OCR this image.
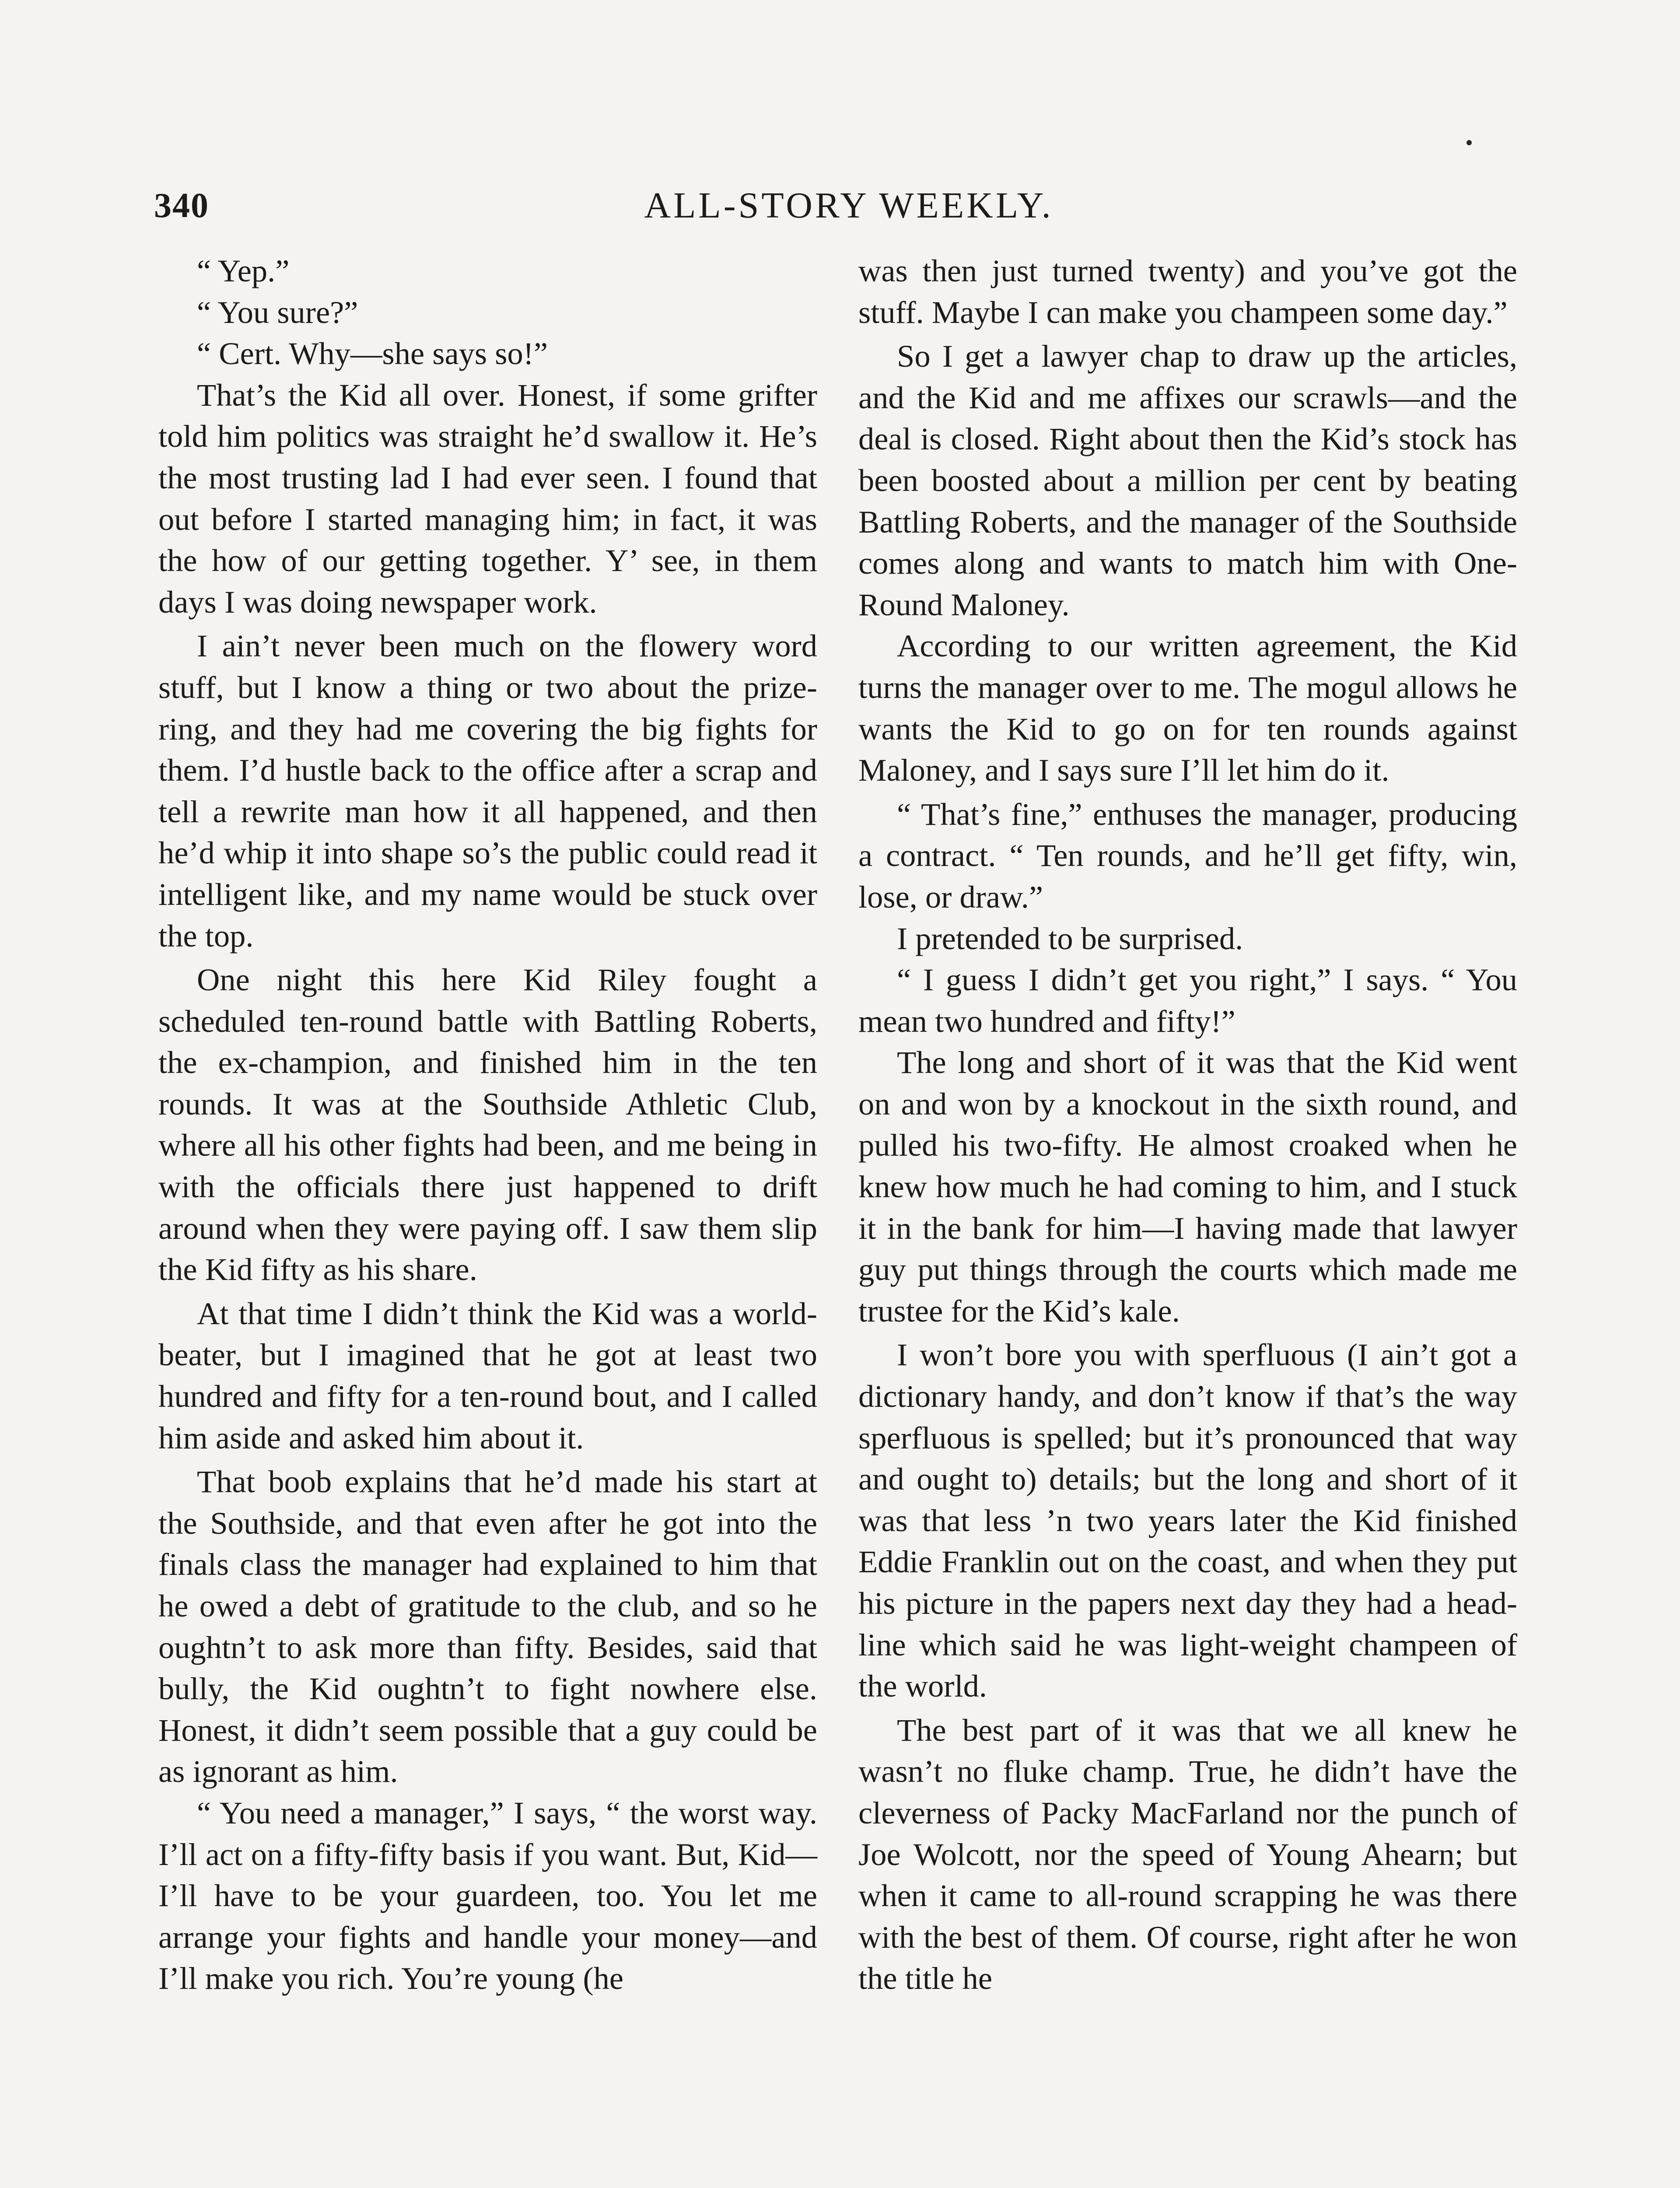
340	ALL-STORY WEEKLY.

“ Yep.”

“ You sure?”

“ Cert. Why—she says so!”

That’s the Kid all over. Honest, if some grifter told him politics was straight he’d swallow it. He’s the most trusting lad I had ever seen. I found that out before I started managing him; in fact, it was the how of our getting together. Y’ see, in them days I was doing newspaper work.

I ain’t never been much on the flowery word stuff, but I know a thing or two about the prize-ring, and they had me covering the big fights for them. I’d hustle back to the office after a scrap and tell a rewrite man how it all happened, and then he’d whip it into shape so’s the public could read it intelligent like, and my name would be stuck over the top.

One night this here Kid Riley fought a scheduled ten-round battle with Battling Roberts, the ex-champion, and finished him in the ten rounds. It was at the Southside Athletic Club, where all his other fights had been, and me being in with the officials there just happened to drift around when they were paying off. I saw them slip the Kid fifty as his share.

At that time I didn’t think the Kid was a world-beater, but I imagined that he got at least two hundred and fifty for a ten-round bout, and I called him aside and asked him about it.

That boob explains that he’d made his start at the Southside, and that even after he got into the finals class the manager had explained to him that he owed a debt of gratitude to the club, and so he oughtn’t to ask more than fifty. Besides, said that bully, the Kid oughtn’t to fight nowhere else. Honest, it didn’t seem possible that a guy could be as ignorant as him.

“ You need a manager,” I says, “ the worst way. I’ll act on a fifty-fifty basis if you want. But, Kid—I’ll have to be your guardeen, too. You let me arrange your fights and handle your money—and I’ll make you rich. You’re young (he

was then just turned twenty) and you’ve got the stuff. Maybe I can make you champeen some day.”

So I get a lawyer chap to draw up the articles, and the Kid and me affixes our scrawls—and the deal is closed. Right about then the Kid’s stock has been boosted about a million per cent by beating Battling Roberts, and the manager of the Southside comes along and wants to match him with One-Round Maloney.

According to our written agreement, the Kid turns the manager over to me. The mogul allows he wants the Kid to go on for ten rounds against Maloney, and I says sure I’ll let him do it.

“ That’s fine,” enthuses the manager, producing a contract. “ Ten rounds, and he’ll get fifty, win, lose, or draw.”

I pretended to be surprised.

“ I guess I didn’t get you right,” I says. “ You mean two hundred and fifty!”

The long and short of it was that the Kid went on and won by a knockout in the sixth round, and pulled his two-fifty. He almost croaked when he knew how much he had coming to him, and I stuck it in the bank for him—I having made that lawyer guy put things through the courts which made me trustee for the Kid’s kale.

I won’t bore you with sperfluous (I ain’t got a dictionary handy, and don’t know if that’s the way sperfluous is spelled; but it’s pronounced that way and ought to) details; but the long and short of it was that less ’n two years later the Kid finished Eddie Franklin out on the coast, and when they put his picture in the papers next day they had a head-line which said he was light-weight champeen of the world.

The best part of it was that we all knew he wasn’t no fluke champ. True, he didn’t have the cleverness of Packy MacFarland nor the punch of Joe Wolcott, nor the speed of Young Ahearn; but when it came to all-round scrapping he was there with the best of them. Of course, right after he won the title he
